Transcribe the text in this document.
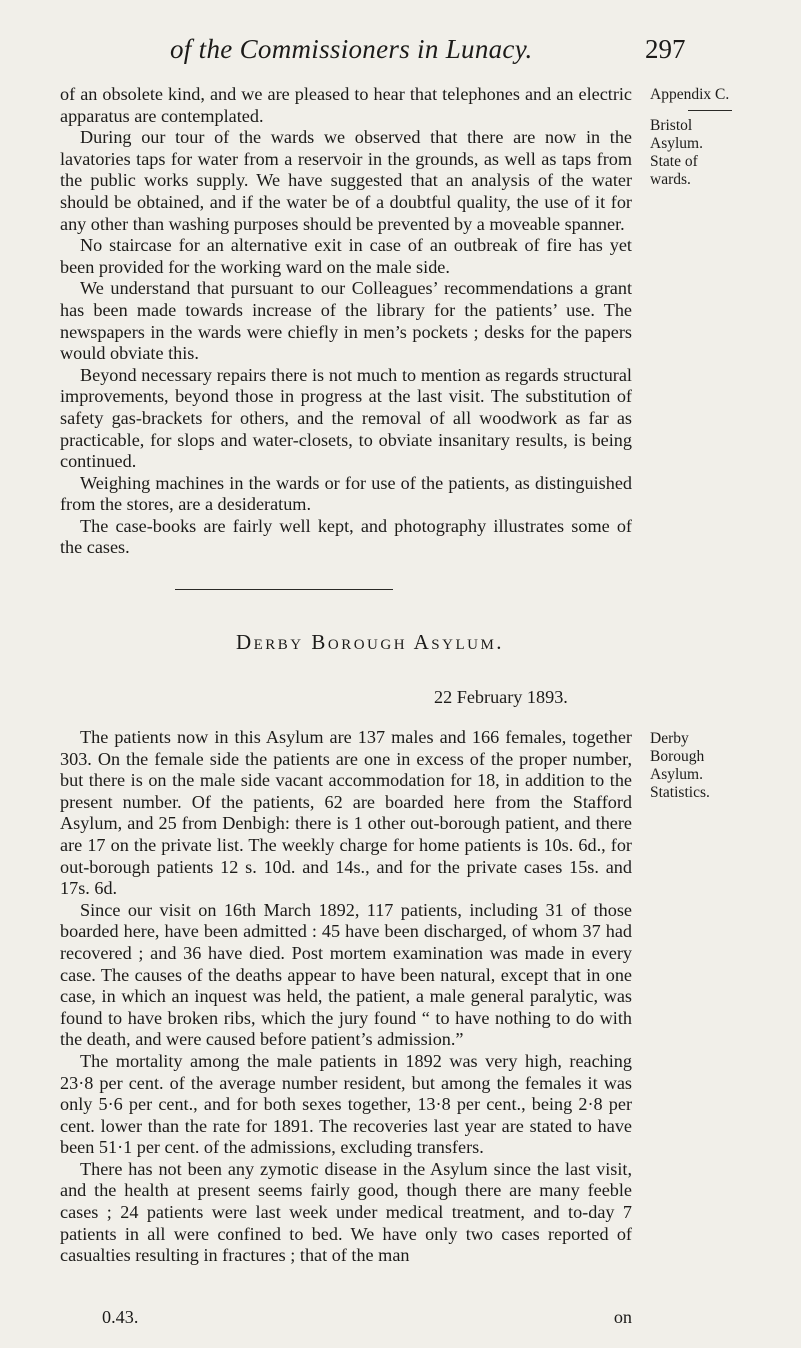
of the Commissioners in Lunacy.	297

of an obsolete kind, and we are pleased to hear that telephones and an electric apparatus are contemplated.

During our tour of the wards we observed that there are now in the lavatories taps for water from a reservoir in the grounds, as well as taps from the public works supply. We have suggested that an analysis of the water should be obtained, and if the water be of a doubtful quality, the use of it for any other than washing purposes should be prevented by a moveable spanner.

No staircase for an alternative exit in case of an outbreak of fire has yet been provided for the working ward on the male side.

We understand that pursuant to our Colleagues’ recommendations a grant has been made towards increase of the library for the patients’ use. The newspapers in the wards were chiefly in men’s pockets ; desks for the papers would obviate this.

Beyond necessary repairs there is not much to mention as regards structural improvements, beyond those in progress at the last visit. The substitution of safety gas-brackets for others, and the removal of all woodwork as far as practicable, for slops and water-closets, to obviate insanitary results, is being continued.

Weighing machines in the wards or for use of the patients, as distinguished from the stores, are a desideratum.

The case-books are fairly well kept, and photography illustrates some of the cases.

Appendix C.
Bristol
Asylum.
State of
wards.
Derby Borough Asylum.
22 February 1893.

The patients now in this Asylum are 137 males and 166 females, together 303. On the female side the patients are one in excess of the proper number, but there is on the male side vacant accommodation for 18, in addition to the present number. Of the patients, 62 are boarded here from the Stafford Asylum, and 25 from Denbigh: there is 1 other out-borough patient, and there are 17 on the private list. The weekly charge for home patients is 10s. 6d., for out-borough patients 12 s. 10d. and 14s., and for the private cases 15s. and 17s. 6d.

Since our visit on 16th March 1892, 117 patients, including 31 of those boarded here, have been admitted : 45 have been discharged, of whom 37 had recovered ; and 36 have died. Post mortem examination was made in every case. The causes of the deaths appear to have been natural, except that in one case, in which an inquest was held, the patient, a male general paralytic, was found to have broken ribs, which the jury found “ to have nothing to do with the death, and were caused before patient’s admission.”

The mortality among the male patients in 1892 was very high, reaching 23·8 per cent. of the average number resident, but among the females it was only 5·6 per cent., and for both sexes together, 13·8 per cent., being 2·8 per cent. lower than the rate for 1891. The recoveries last year are stated to have been 51·1 per cent. of the admissions, excluding transfers.

There has not been any zymotic disease in the Asylum since the last visit, and the health at present seems fairly good, though there are many feeble cases ; 24 patients were last week under medical treatment, and to-day 7 patients in all were confined to bed. We have only two cases reported of casualties resulting in fractures ; that of the man

Derby
Borough
Asylum.
Statistics.
0.43.	on
